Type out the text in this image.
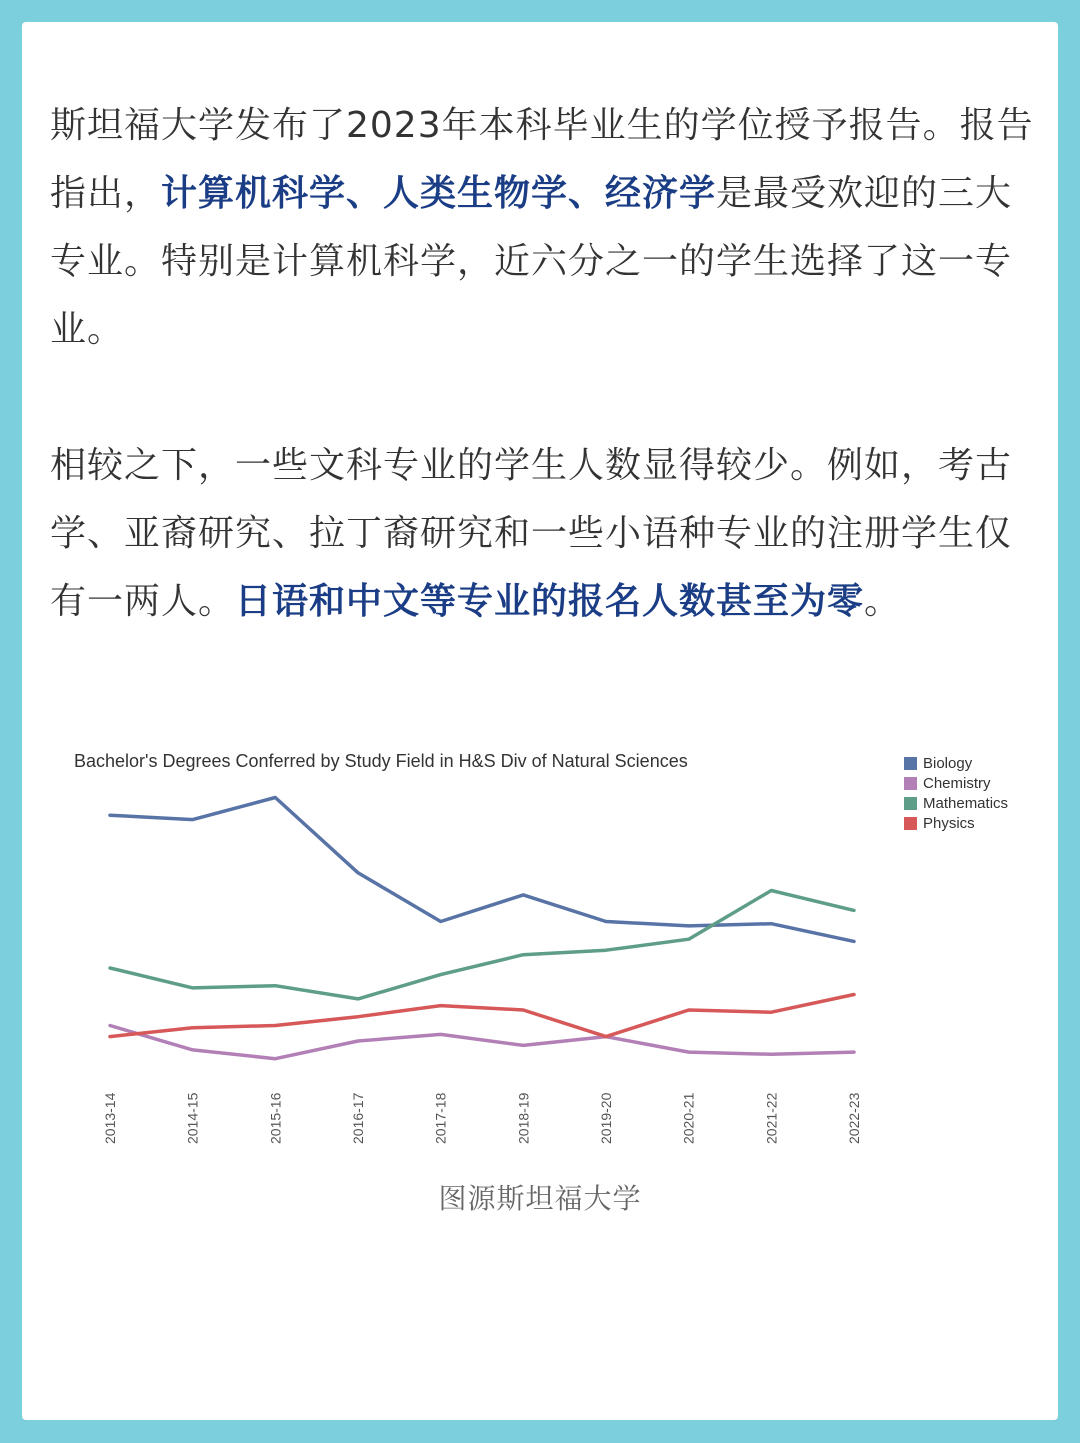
斯坦福大学发布了2023年本科毕业生的学位授予报告。报告指出，计算机科学、人类生物学、经济学是最受欢迎的三大专业。特别是计算机科学，近六分之一的学生选择了这一专业。

相较之下，一些文科专业的学生人数显得较少。例如，考古学、亚裔研究、拉丁裔研究和一些小语种专业的注册学生仅有一两人。日语和中文等专业的报名人数甚至为零。

Bachelor's Degrees Conferred by Study Field in H&S Div of Natural Sciences
2013-14	2014-15	2015-16	2016-17	2017-18	2018-19	2019-20	2020-21	2021-22	2022-23
Biology
Chemistry
Mathematics
Physics
图源斯坦福大学
